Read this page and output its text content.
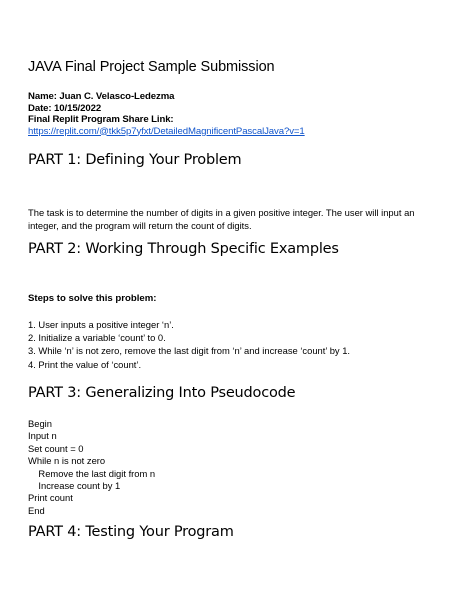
JAVA Final Project Sample Submission
Name: Juan C. Velasco-Ledezma
Date: 10/15/2022
Final Replit Program Share Link:
https://replit.com/@tkk5p7yfxt/DetailedMagnificentPascalJava?v=1
PART 1: Defining Your Problem
The task is to determine the number of digits in a given positive integer. The user will input an
integer, and the program will return the count of digits.
PART 2: Working Through Specific Examples
Steps to solve this problem:
1. User inputs a positive integer ‘n’.
2. Initialize a variable ‘count’ to 0.
3. While ‘n’ is not zero, remove the last digit from ‘n’ and increase ‘count’ by 1.
4. Print the value of ‘count’.
PART 3: Generalizing Into Pseudocode
Begin
Input n
Set count = 0
While n is not zero
Remove the last digit from n
Increase count by 1
Print count
End
PART 4: Testing Your Program
